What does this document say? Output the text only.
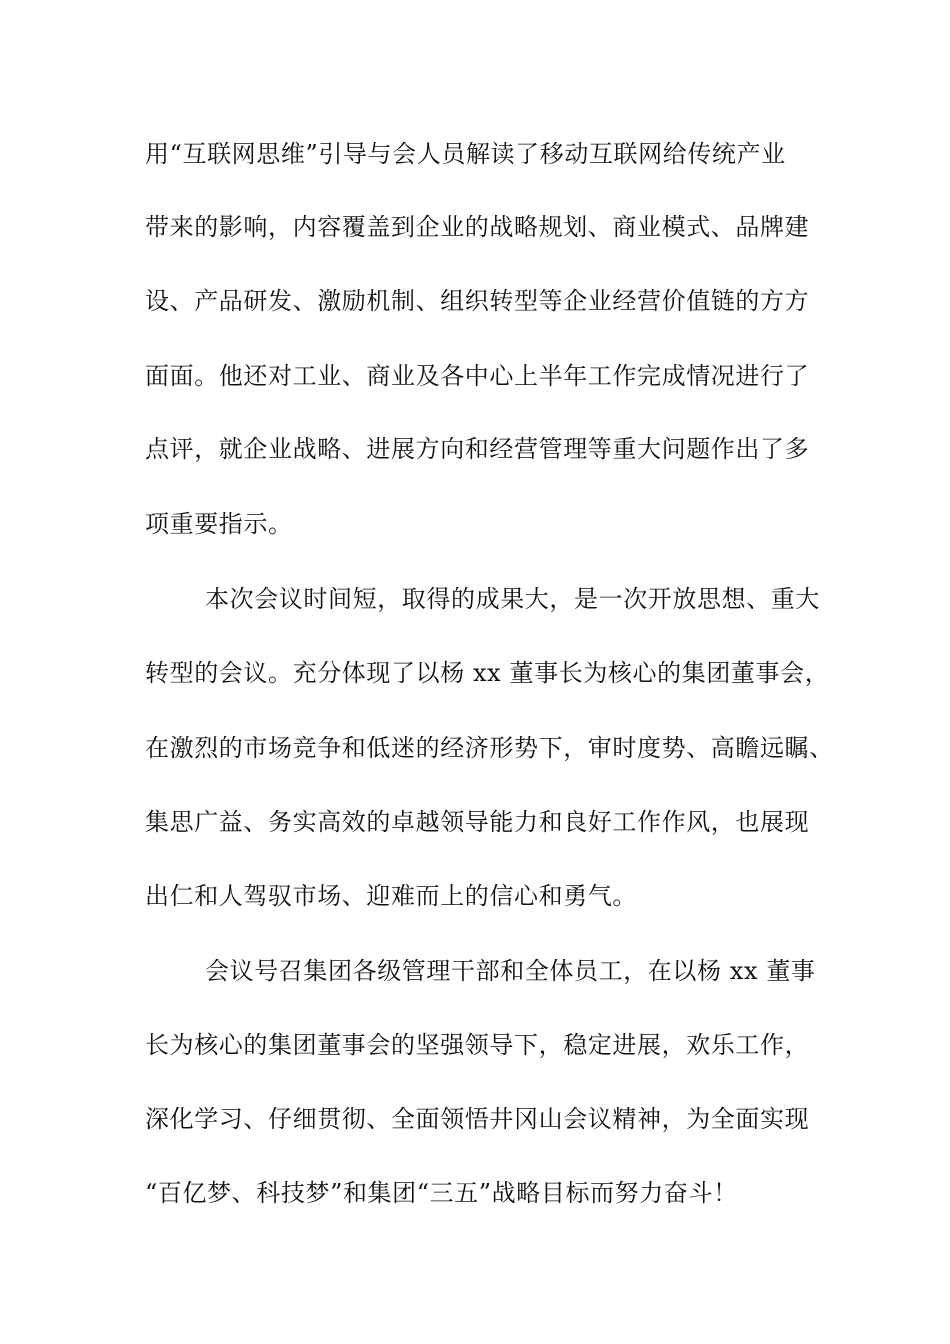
用“互联网思维”引导与会人员解读了移动互联网给传统产业
带来的影响，内容覆盖到企业的战略规划、商业模式、品牌建
设、产品研发、激励机制、组织转型等企业经营价值链的方方
面面。他还对工业、商业及各中心上半年工作完成情况进行了
点评，就企业战略、进展方向和经营管理等重大问题作出了多
项重要指示。
本次会议时间短，取得的成果大，是一次开放思想、重大
转型的会议。充分体现了以杨 xx 董事长为核心的集团董事会，
在激烈的市场竞争和低迷的经济形势下，审时度势、高瞻远瞩、
集思广益、务实高效的卓越领导能力和良好工作作风，也展现
出仁和人驾驭市场、迎难而上的信心和勇气。
会议号召集团各级管理干部和全体员工，在以杨 xx 董事
长为核心的集团董事会的坚强领导下，稳定进展，欢乐工作，
深化学习、仔细贯彻、全面领悟井冈山会议精神，为全面实现
“百亿梦、科技梦”和集团“三五”战略目标而努力奋斗！
